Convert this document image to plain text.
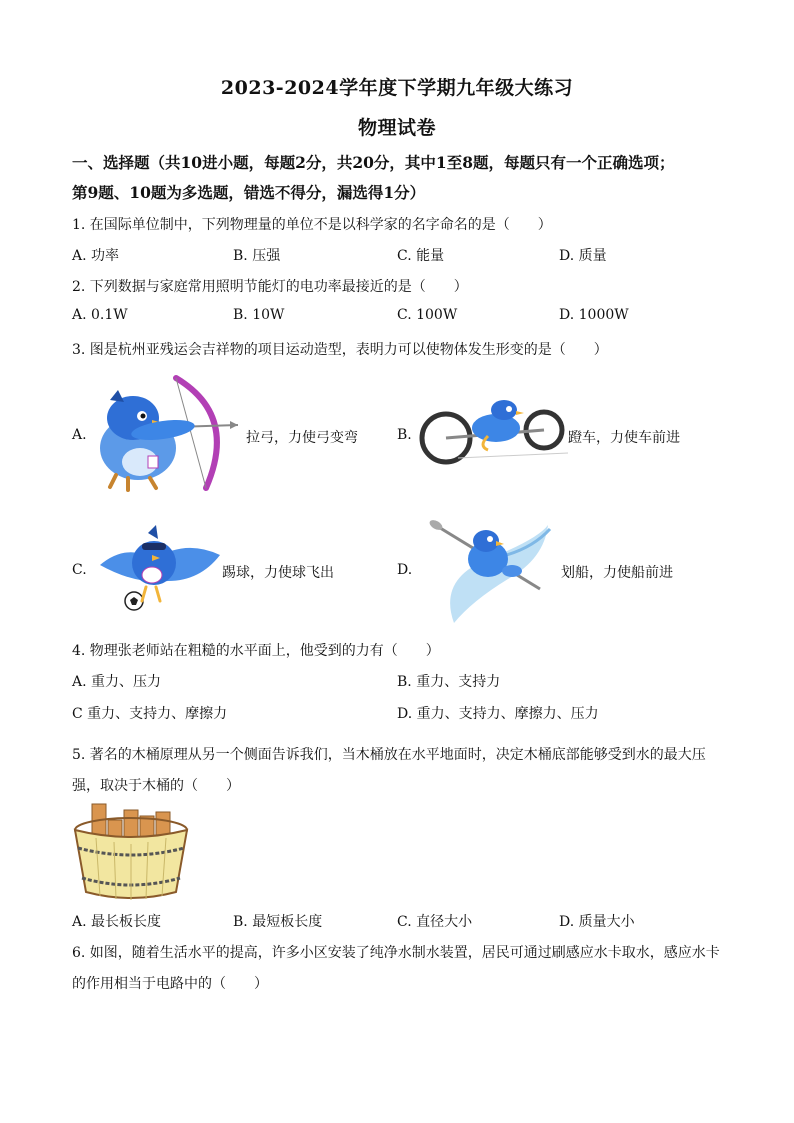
2023-2024学年度下学期九年级大练习
物理试卷
一、选择题（共10进小题，每题2分，共20分，其中1至8题，每题只有一个正确选项；
第9题、10题为多选题，错选不得分，漏选得1分）
1. 在国际单位制中，下列物理量的单位不是以科学家的名字命名的是（　　）
A. 功率	B. 压强	C. 能量	D. 质量
2. 下列数据与家庭常用照明节能灯的电功率最接近的是（　　）
A. 0.1W	B. 10W	C. 100W	D. 1000W
3. 图是杭州亚残运会吉祥物的项目运动造型，表明力可以使物体发生形变的是（　　）
A.	拉弓，力使弓变弯	B.	蹬车，力使车前进
C.	踢球，力使球飞出	D.	划船，力使船前进
4. 物理张老师站在粗糙的水平面上，他受到的力有（　　）
A. 重力、压力	B. 重力、支持力
C 重力、支持力、摩擦力	D. 重力、支持力、摩擦力、压力
5. 著名的木桶原理从另一个侧面告诉我们，当木桶放在水平地面时，决定木桶底部能够受到水的最大压
强，取决于木桶的（　　）
A. 最长板长度	B. 最短板长度	C. 直径大小	D. 质量大小
6. 如图，随着生活水平的提高，许多小区安装了纯净水制水装置，居民可通过刷感应水卡取水，感应水卡
的作用相当于电路中的（　　）
